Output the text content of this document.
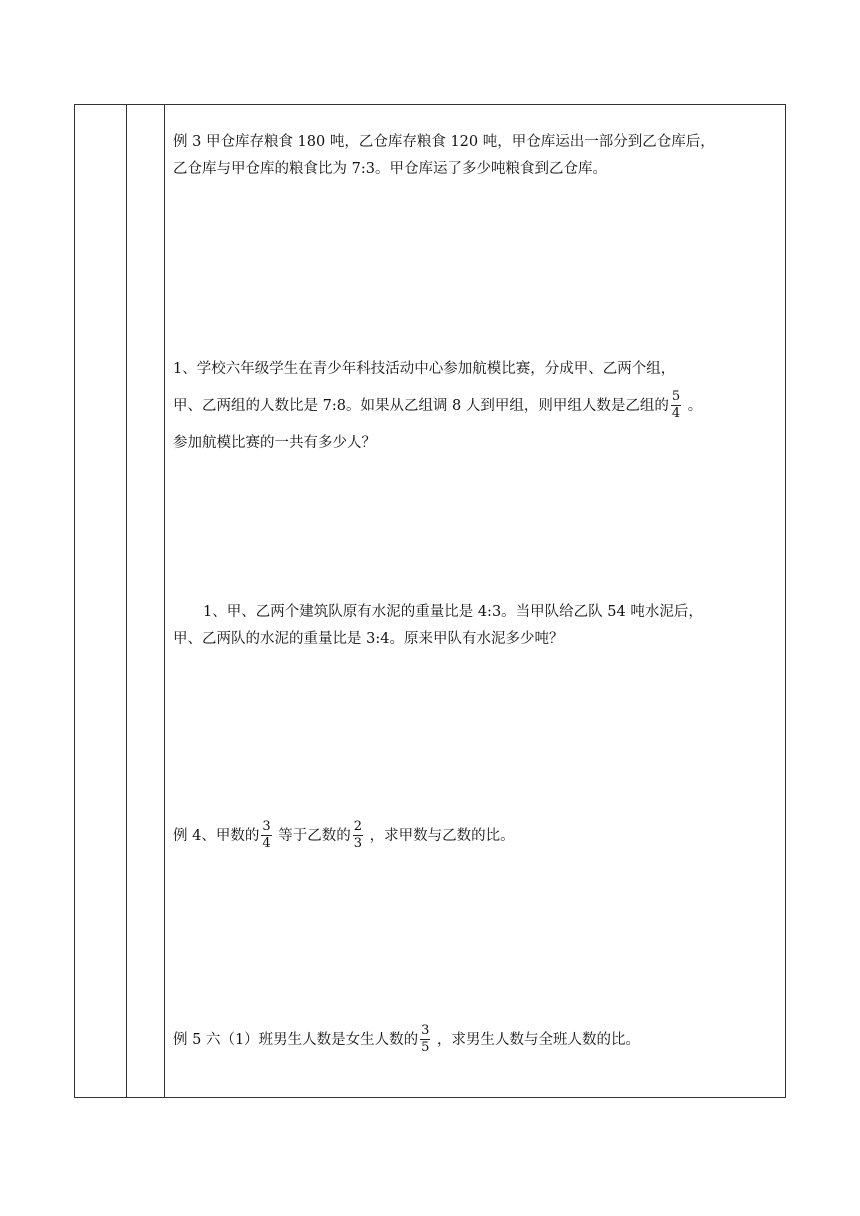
例 3 甲仓库存粮食 180 吨，乙仓库存粮食 120 吨，甲仓库运出一部分到乙仓库后，
乙仓库与甲仓库的粮食比为 7:3。甲仓库运了多少吨粮食到乙仓库。
1、学校六年级学生在青少年科技活动中心参加航模比赛，分成甲、乙两个组，
甲、乙两组的人数比是 7:8。如果从乙组调 8 人到甲组，则甲组人数是乙组的 $\frac{5}{4}$ 。
参加航模比赛的一共有多少人？
1、甲、乙两个建筑队原有水泥的重量比是 4:3。当甲队给乙队 54 吨水泥后，
甲、乙两队的水泥的重量比是 3:4。原来甲队有水泥多少吨？
例 4、甲数的 $\frac{3}{4}$ 等于乙数的 $\frac{2}{3}$ ，求甲数与乙数的比。
例 5 六（1）班男生人数是女生人数的 $\frac{3}{5}$ ，求男生人数与全班人数的比。
